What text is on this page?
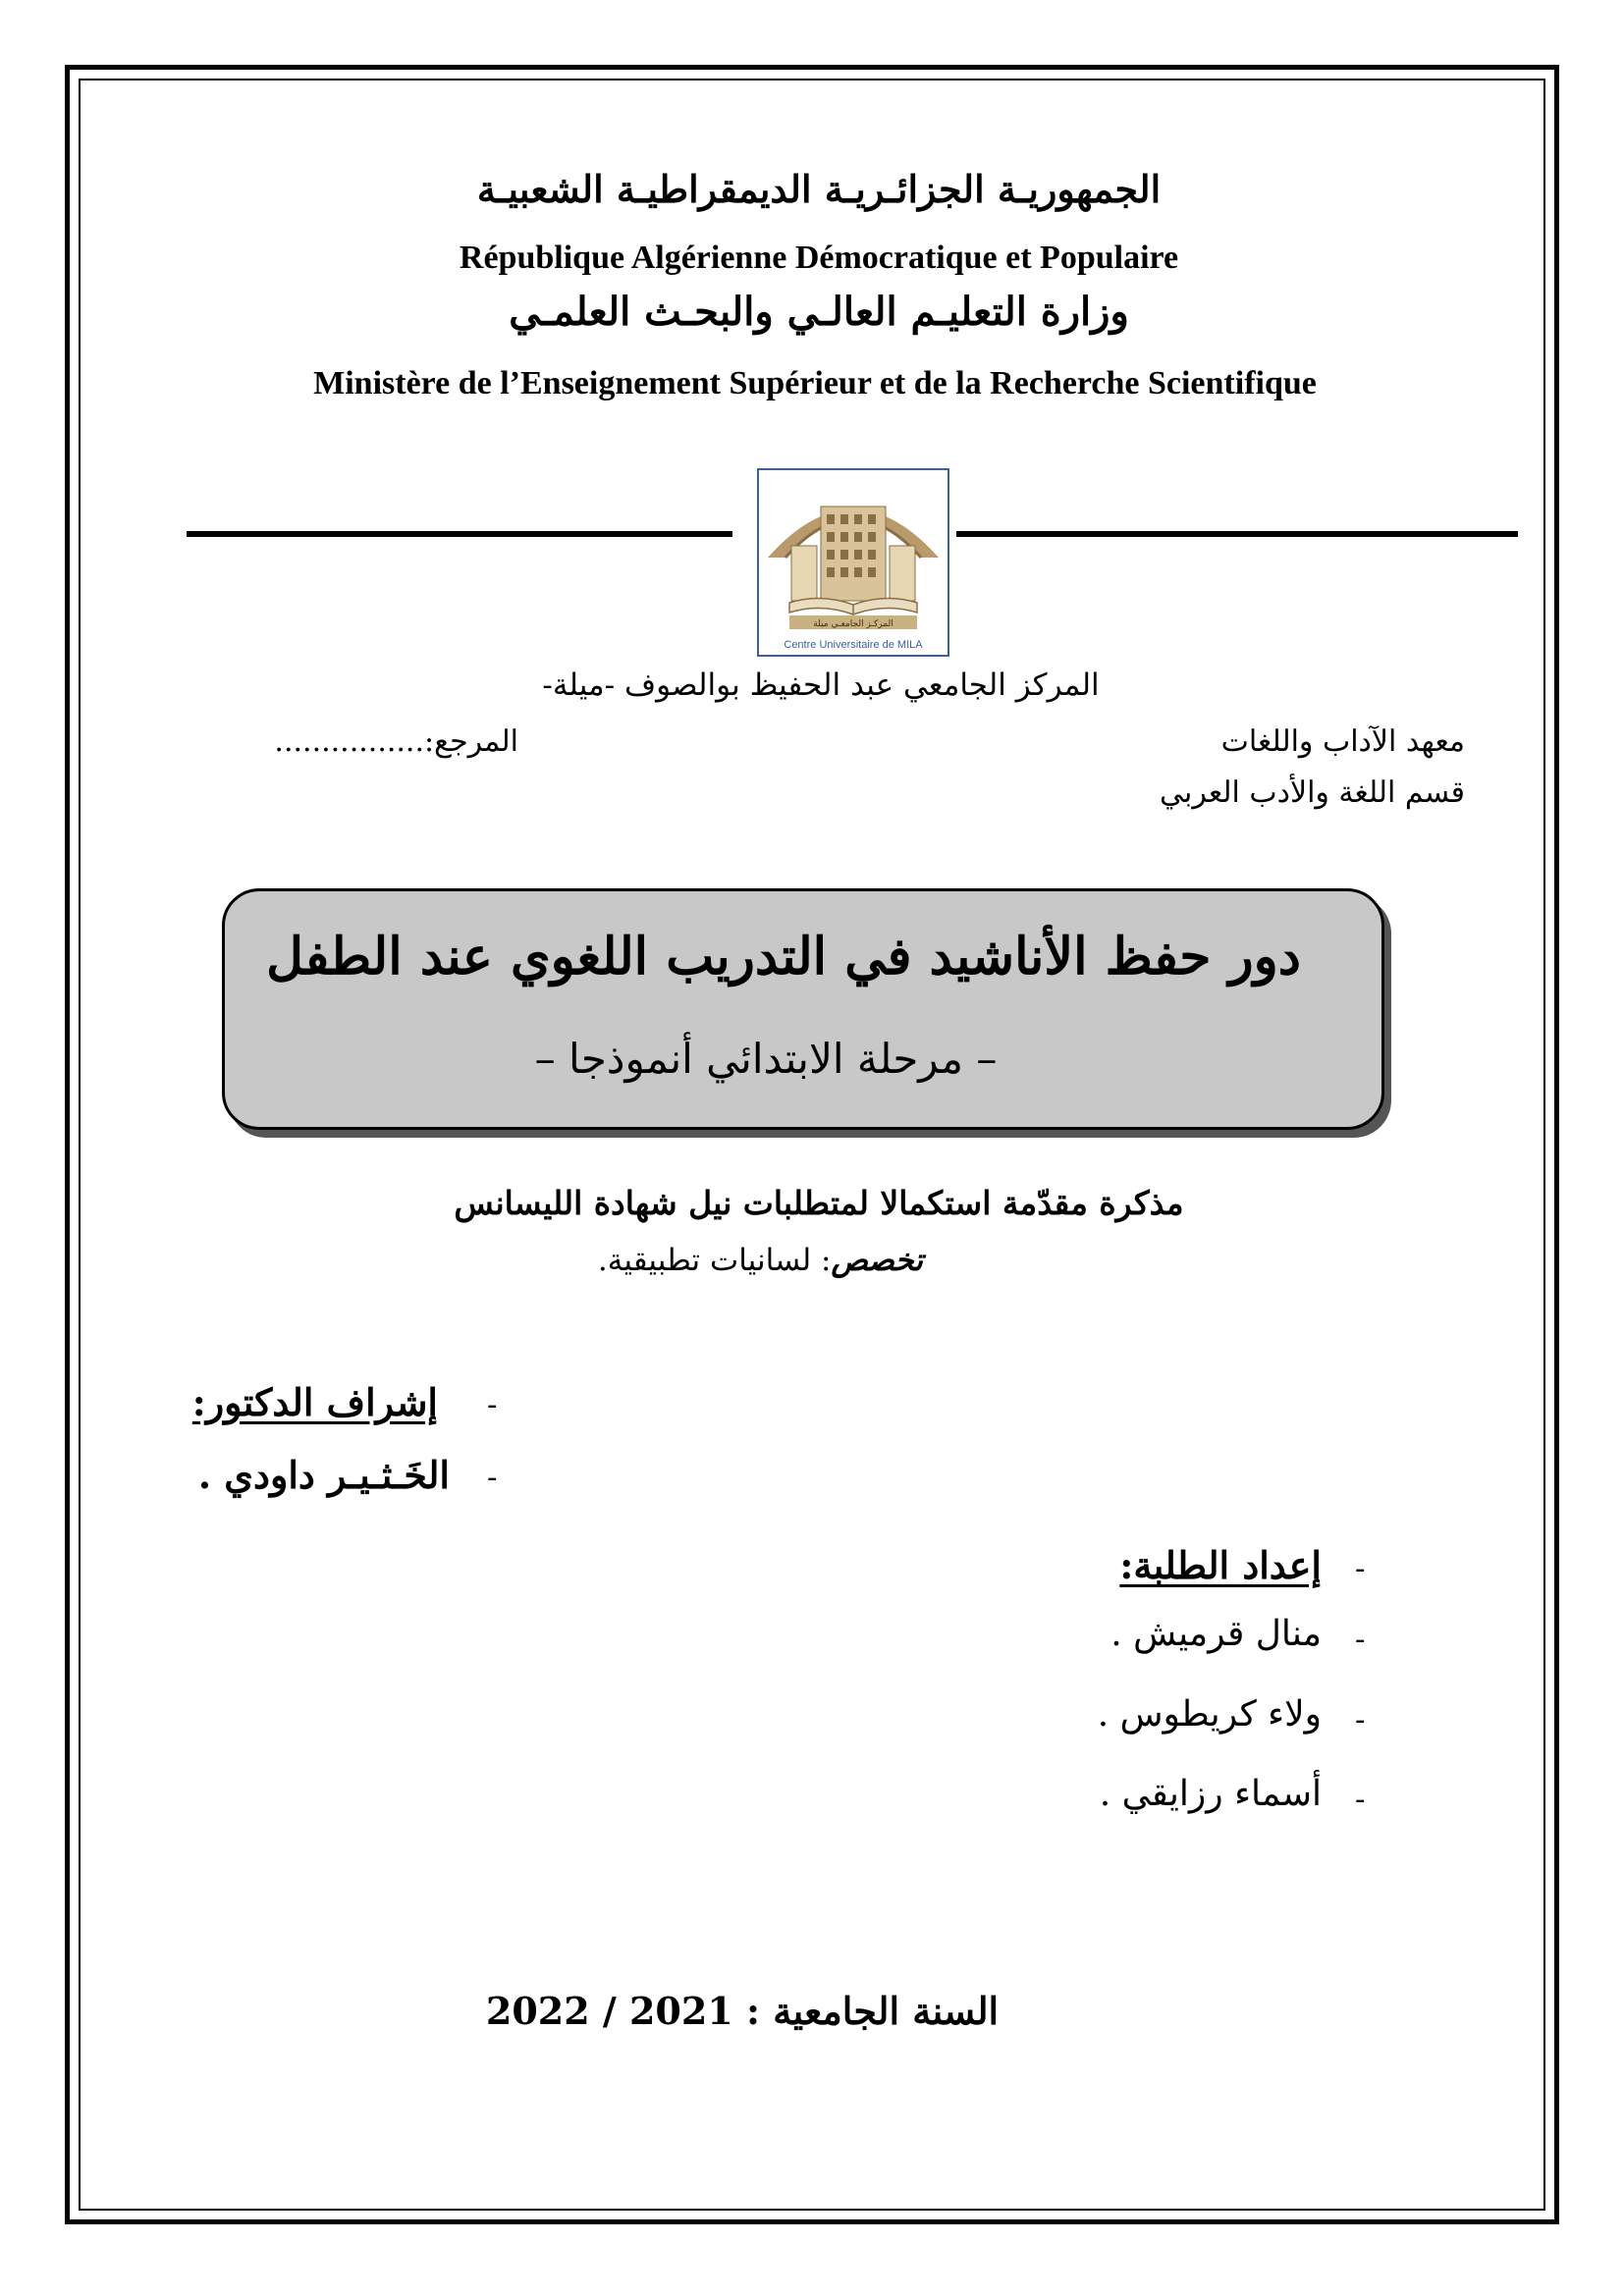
الجمهوريـة الجزائـريـة الديمقراطيـة الشعبيـة
République Algérienne Démocratique et Populaire
وزارة التعليـم العالـي والبحـث العلمـي
Ministère de l’Enseignement Supérieur et de la Recherche Scientifique
المركـز الجامعـي ميلة
Centre Universitaire de MILA
المركز الجامعي عبد الحفيظ بوالصوف -ميلة-
معهد الآداب واللغات
قسم اللغة والأدب العربي
المرجع:................
دور حفظ الأناشيد في التدريب اللغوي عند الطفل
– مرحلة الابتدائي أنموذجا –
مذكرة مقدّمة استكمالا لمتطلبات نيل شهادة الليسانس
تخصص: لسانيات تطبيقية.
-
إشراف الدكتور:
-
الخَـثـيـر داودي .
-
إعداد الطلبة:
-
منال قرميش .
-
ولاء كريطوس .
-
أسماء رزايقي .
السنة الجامعية : 2021 / 2022
